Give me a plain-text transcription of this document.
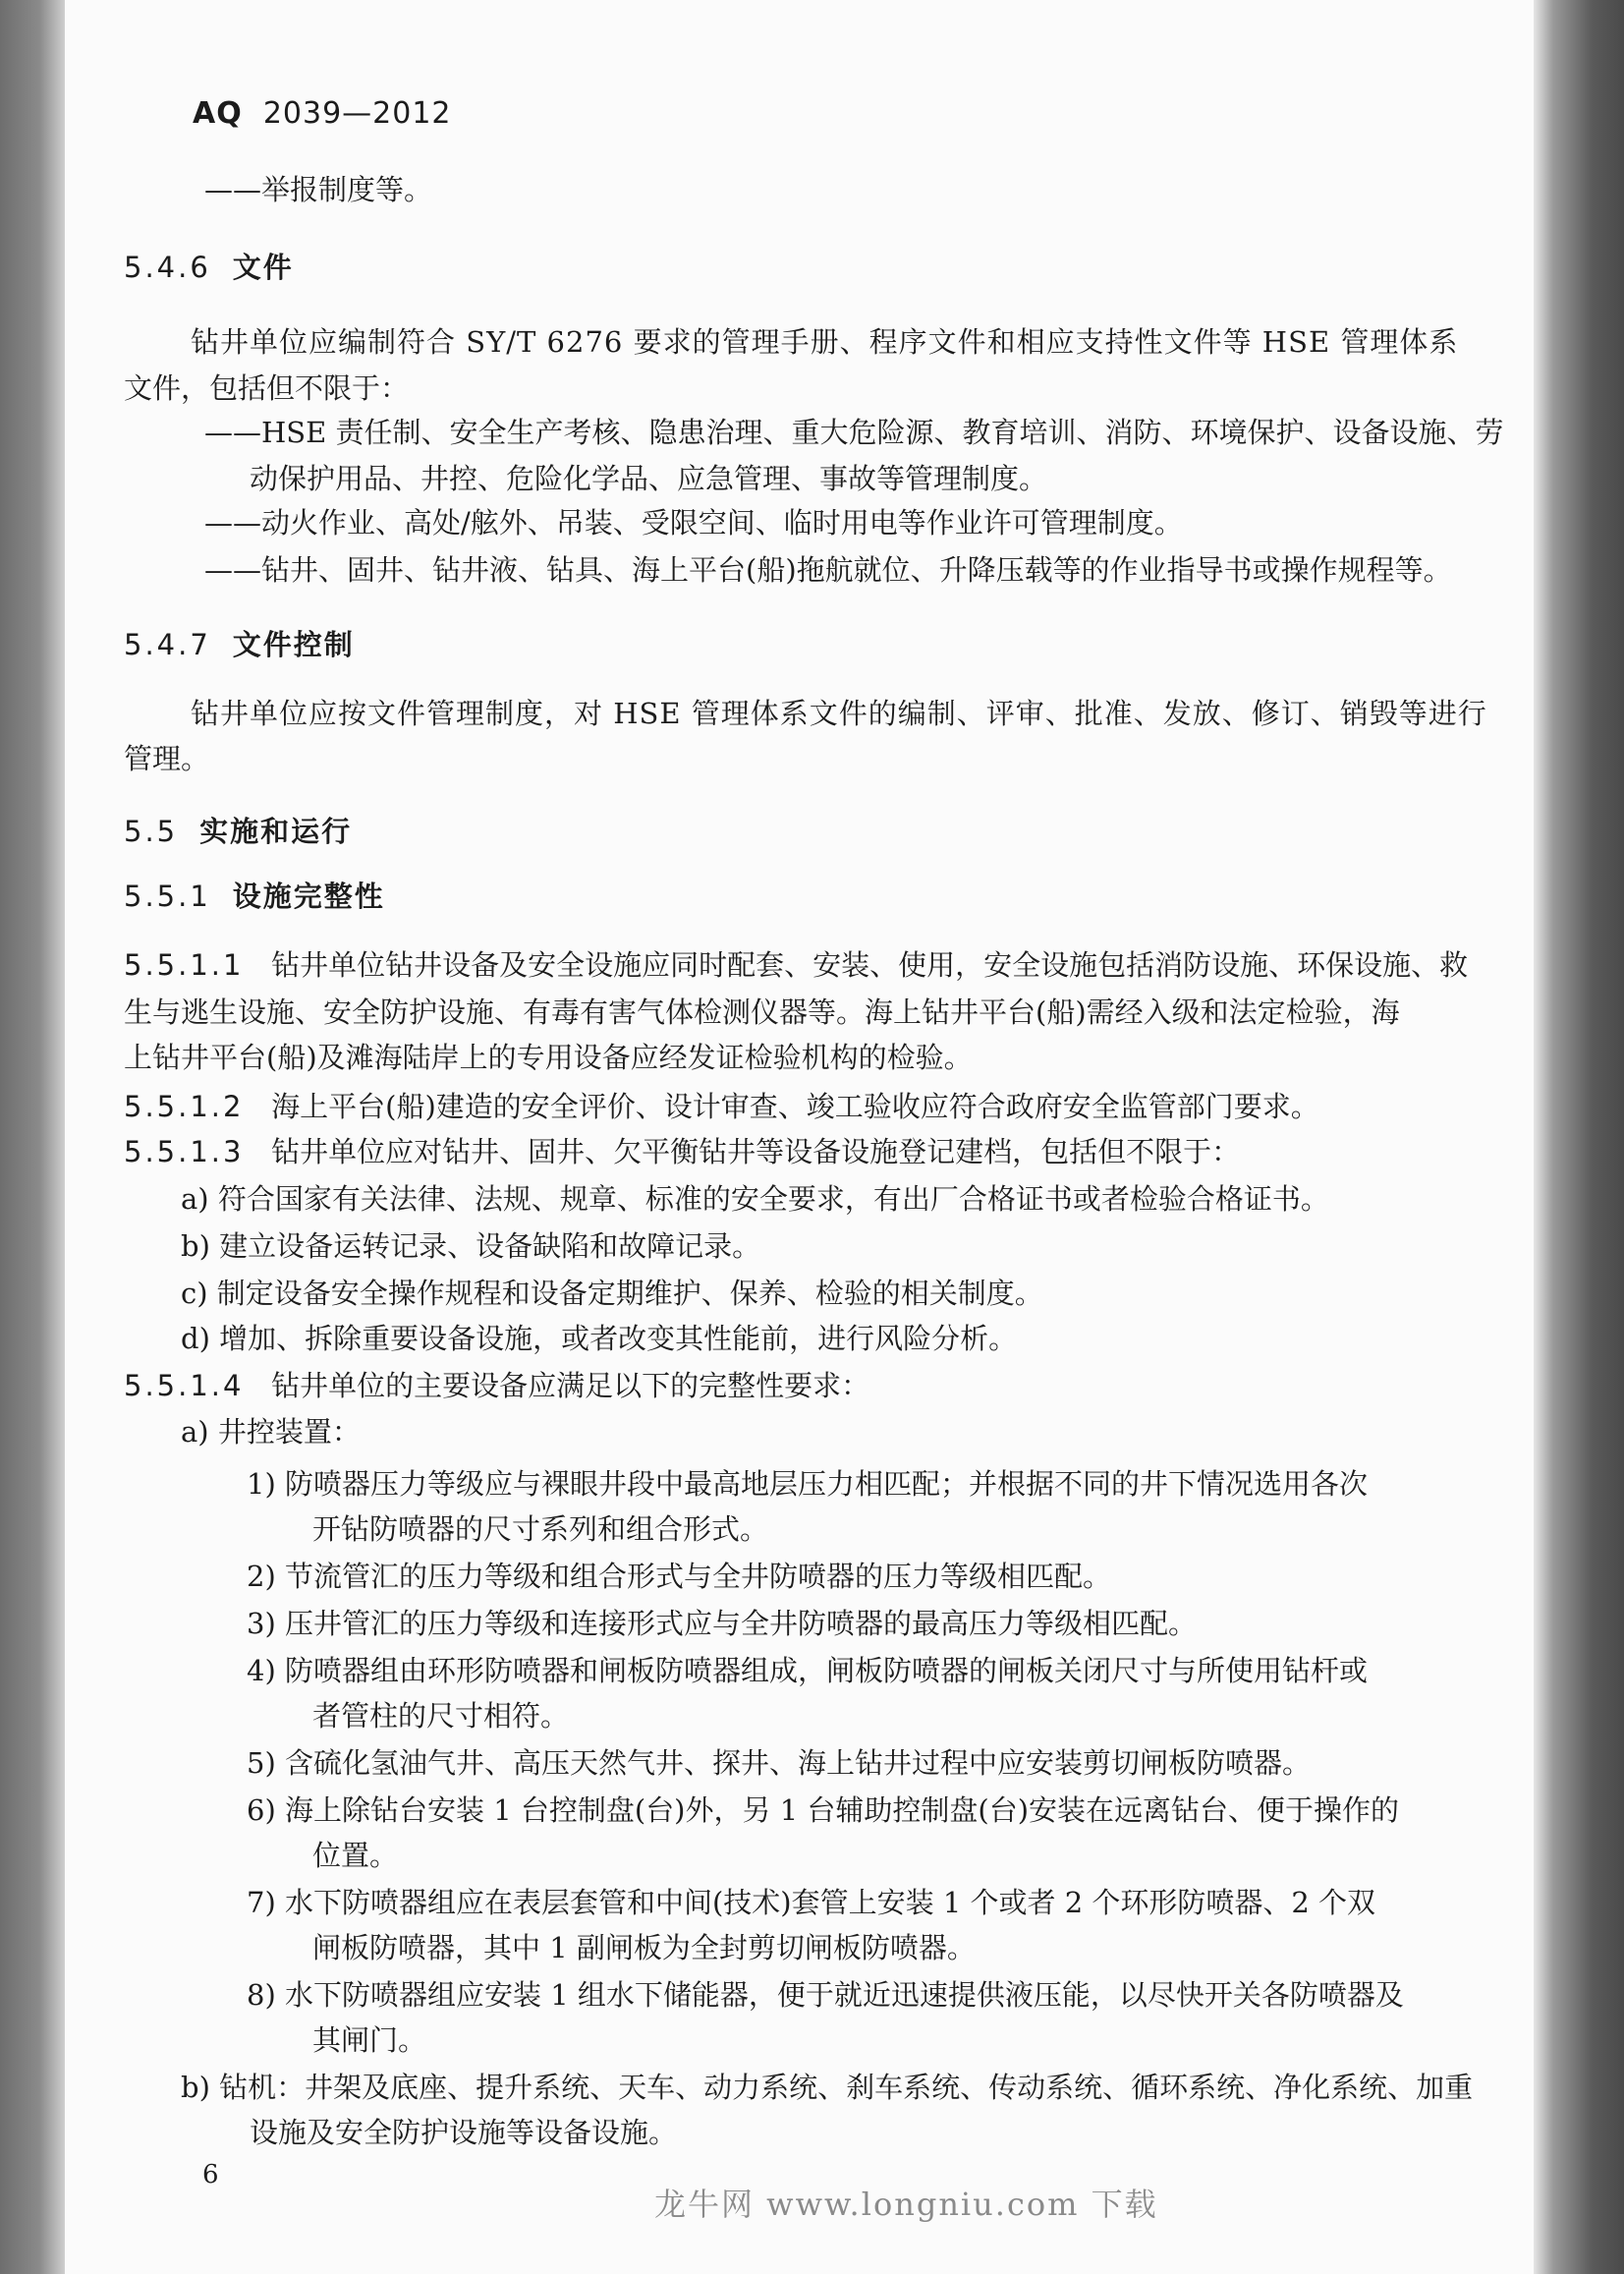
AQ 2039—2012
——举报制度等。
5.4.6 文件
钻井单位应编制符合 SY/T 6276 要求的管理手册、程序文件和相应支持性文件等 HSE 管理体系
文件，包括但不限于：
——HSE 责任制、安全生产考核、隐患治理、重大危险源、教育培训、消防、环境保护、设备设施、劳
动保护用品、井控、危险化学品、应急管理、事故等管理制度。
——动火作业、高处/舷外、吊装、受限空间、临时用电等作业许可管理制度。
——钻井、固井、钻井液、钻具、海上平台(船)拖航就位、升降压载等的作业指导书或操作规程等。
5.4.7 文件控制
钻井单位应按文件管理制度，对 HSE 管理体系文件的编制、评审、批准、发放、修订、销毁等进行
管理。
5.5 实施和运行
5.5.1 设施完整性
5.5.1.1 钻井单位钻井设备及安全设施应同时配套、安装、使用，安全设施包括消防设施、环保设施、救
生与逃生设施、安全防护设施、有毒有害气体检测仪器等。海上钻井平台(船)需经入级和法定检验，海
上钻井平台(船)及滩海陆岸上的专用设备应经发证检验机构的检验。
5.5.1.2 海上平台(船)建造的安全评价、设计审查、竣工验收应符合政府安全监管部门要求。
5.5.1.3 钻井单位应对钻井、固井、欠平衡钻井等设备设施登记建档，包括但不限于：
a) 符合国家有关法律、法规、规章、标准的安全要求，有出厂合格证书或者检验合格证书。
b) 建立设备运转记录、设备缺陷和故障记录。
c) 制定设备安全操作规程和设备定期维护、保养、检验的相关制度。
d) 增加、拆除重要设备设施，或者改变其性能前，进行风险分析。
5.5.1.4 钻井单位的主要设备应满足以下的完整性要求：
a) 井控装置：
1) 防喷器压力等级应与裸眼井段中最高地层压力相匹配；并根据不同的井下情况选用各次
开钻防喷器的尺寸系列和组合形式。
2) 节流管汇的压力等级和组合形式与全井防喷器的压力等级相匹配。
3) 压井管汇的压力等级和连接形式应与全井防喷器的最高压力等级相匹配。
4) 防喷器组由环形防喷器和闸板防喷器组成，闸板防喷器的闸板关闭尺寸与所使用钻杆或
者管柱的尺寸相符。
5) 含硫化氢油气井、高压天然气井、探井、海上钻井过程中应安装剪切闸板防喷器。
6) 海上除钻台安装 1 台控制盘(台)外，另 1 台辅助控制盘(台)安装在远离钻台、便于操作的
位置。
7) 水下防喷器组应在表层套管和中间(技术)套管上安装 1 个或者 2 个环形防喷器、2 个双
闸板防喷器，其中 1 副闸板为全封剪切闸板防喷器。
8) 水下防喷器组应安装 1 组水下储能器，便于就近迅速提供液压能，以尽快开关各防喷器及
其闸门。
b) 钻机：井架及底座、提升系统、天车、动力系统、刹车系统、传动系统、循环系统、净化系统、加重
设施及安全防护设施等设备设施。
6
龙牛网 www.longniu.com 下载
